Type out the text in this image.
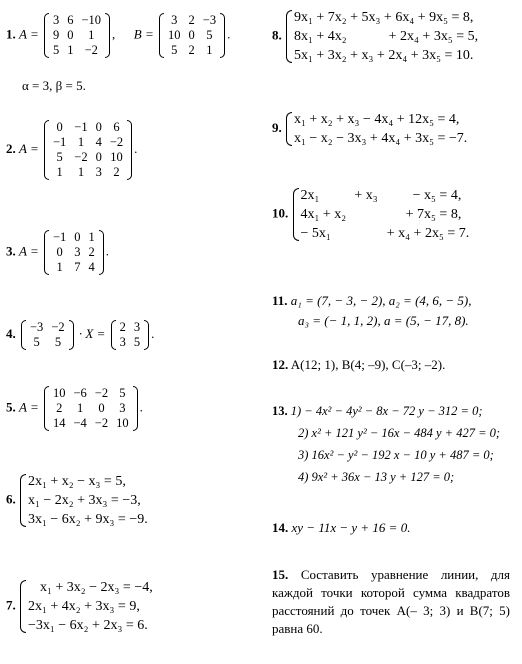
1. A =
3	6	−10
9	0	1
5	1	−2
,  B =
3	2	−3
10	0	5
5	2	1
.
α = 3, β = 5.
2. A =
0	−1	0	6
−1	1	4	−2
5	−2	0	10
1	1	3	2
.
3. A =
−1	0	1
0	3	2
1	7	4
.
4. −3	−2
5	5
· X = 2	3
3	5
.
5. A =
10	−6	−2	5
2	1	0	3
14	−4	−2	10
.
6.
2x₁ + x₂ − x₃ = 5,
x₁ − 2x₂ + 3x₃ = −3,
3x₁ − 6x₂ + 9x₃ = −9.
7.
x₁ + 3x₂ − 2x₃ = −4,
2x₁ + 4x₂ + 3x₃ = 9,
−3x₁ − 6x₂ + 2x₃ = 6.
8.
9x₁ + 7x₂ + 5x₃ + 6x₄ + 9x₅ = 8,
8x₁ + 4x₂            + 2x₄ + 3x₅ = 5,
5x₁ + 3x₂ + x₃ + 2x₄ + 3x₅ = 10.
9.
x₁ + x₂ + x₃ − 4x₄ + 12x₅ = 4,
x₁ − x₂ − 3x₃ + 4x₄ + 3x₅ = −7.
10.
2x₁          + x₃          − x₅ = 4,
4x₁ + x₂                 + 7x₅ = 8,
− 5x₁                + x₄ + 2x₅ = 7.
11. a₁ = (7, − 3, − 2), a₂ = (4, 6, − 5),
a₃ = (− 1, 1, 2), a = (5, − 17, 8).
12. A(12; 1), B(4; –9), C(–3; –2).
13. 1) − 4x² − 4y² − 8x − 72 y − 312 = 0;
2) x² + 121 y² − 16x − 484 y + 427 = 0;
3) 16x² − y² − 192 x − 10 y + 487 = 0;
4) 9x² + 36x − 13 y + 127 = 0;
14. xy − 11x − y + 16 = 0.
15. Составить уравнение линии, для каждой точки которой сумма квадратов расстояний до точек А(– 3; 3) и В(7; 5) равна 60.
